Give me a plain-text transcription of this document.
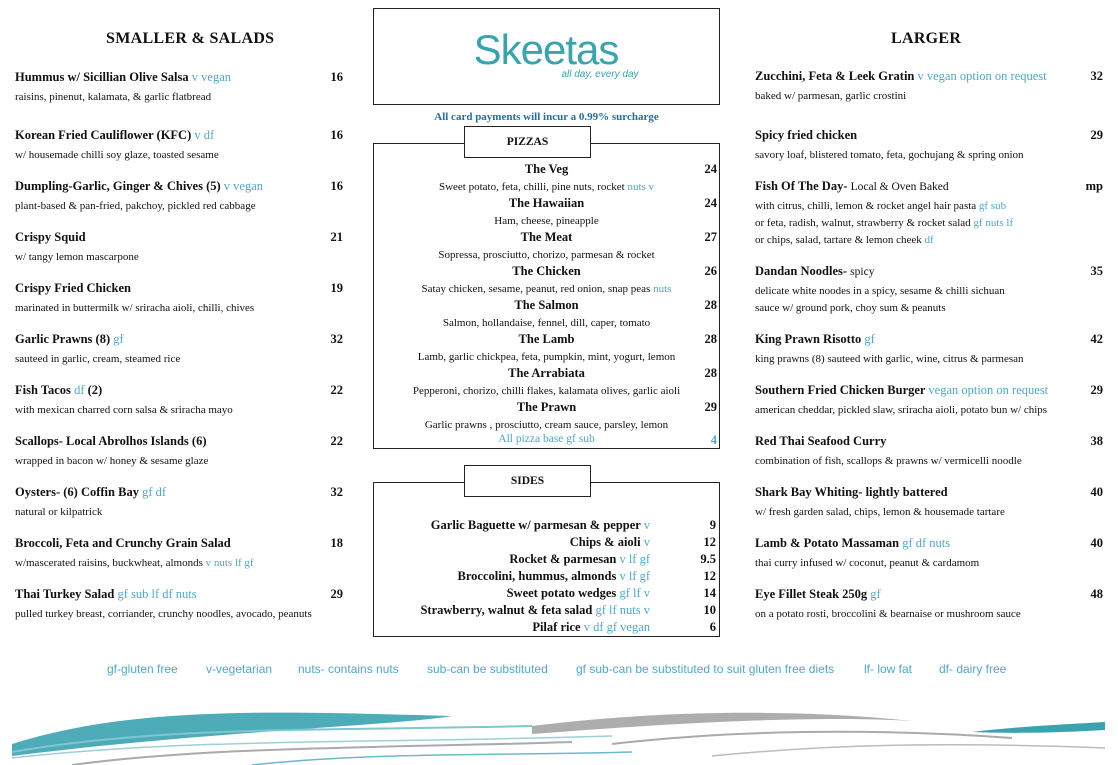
SMALLER & SALADS
Hummus w/ Sicillian Olive Salsa v vegan
raisins, pinenut, kalamata, & garlic flatbread
16
Korean Fried Cauliflower (KFC) v df
w/ housemade chilli soy glaze, toasted sesame
16
Dumpling-Garlic, Ginger & Chives (5) v vegan
plant-based & pan-fried, pakchoy, pickled red cabbage
16
Crispy Squid
w/ tangy lemon mascarpone
21
Crispy Fried Chicken
marinated in buttermilk w/ sriracha aioli, chilli, chives
19
Garlic Prawns (8) gf
sauteed in garlic, cream, steamed rice
32
Fish Tacos df (2)
with mexican charred corn salsa & sriracha mayo
22
Scallops- Local Abrolhos Islands (6)
wrapped in bacon w/ honey & sesame glaze
22
Oysters- (6) Coffin Bay gf df
natural or kilpatrick
32
Broccoli, Feta and Crunchy Grain Salad
w/mascerated raisins, buckwheat, almonds v nuts lf gf
18
Thai Turkey Salad gf sub lf df nuts
pulled turkey breast, corriander, crunchy noodles, avocado, peanuts
29
Skeetas
all day, every day
All card payments will incur a 0.99% surcharge
PIZZAS
The Veg
Sweet potato, feta, chilli, pine nuts, rocket nuts v
24
The Hawaiian
Ham, cheese, pineapple
24
The Meat
Sopressa, prosciutto, chorizo, parmesan & rocket
27
The Chicken
Satay chicken, sesame, peanut, red onion, snap peas nuts
26
The Salmon
Salmon, hollandaise, fennel, dill, caper, tomato
28
The Lamb
Lamb, garlic chickpea, feta, pumpkin, mint, yogurt, lemon
28
The Arrabiata
Pepperoni, chorizo, chilli flakes, kalamata olives, garlic aioli
28
The Prawn
Garlic prawns , prosciutto, cream sauce, parsley, lemon
29
All pizza base gf sub	4
SIDES
Garlic Baguette w/ parmesan & pepper v	9
Chips & aioli v	12
Rocket & parmesan v lf gf	9.5
Broccolini, hummus, almonds v lf gf	12
Sweet potato wedges gf lf v	14
Strawberry, walnut & feta salad gf lf nuts v	10
Pilaf rice v df gf vegan	6
LARGER
Zucchini, Feta & Leek Gratin v vegan option on request
baked w/ parmesan, garlic crostini
32
Spicy fried chicken
savory loaf, blistered tomato, feta, gochujang & spring onion
29
Fish Of The Day- Local & Oven Baked
with citrus, chilli, lemon & rocket angel hair pasta gf sub
or feta, radish, walnut, strawberry & rocket salad gf nuts lf
or chips, salad, tartare & lemon cheek df
mp
Dandan Noodles- spicy
delicate white noodes in a spicy, sesame & chilli sichuan
sauce w/ ground pork, choy sum & peanuts
35
King Prawn Risotto gf
king prawns (8) sauteed with garlic, wine, citrus & parmesan
42
Southern Fried Chicken Burger vegan option on request
american cheddar, pickled slaw, sriracha aioli, potato bun w/ chips
29
Red Thai Seafood Curry
combination of fish, scallops & prawns w/ vermicelli noodle
38
Shark Bay Whiting- lightly battered
w/ fresh garden salad, chips, lemon & housemade tartare
40
Lamb & Potato Massaman gf df nuts
thai curry infused w/ coconut, peanut & cardamom
40
Eye Fillet Steak 250g gf
on a potato rosti, broccolini & bearnaise or mushroom sauce
48
gf-gluten free v-vegetarian nuts- contains nuts sub-can be substituted gf sub-can be substituted to suit gluten free diets lf- low fat df- dairy free
